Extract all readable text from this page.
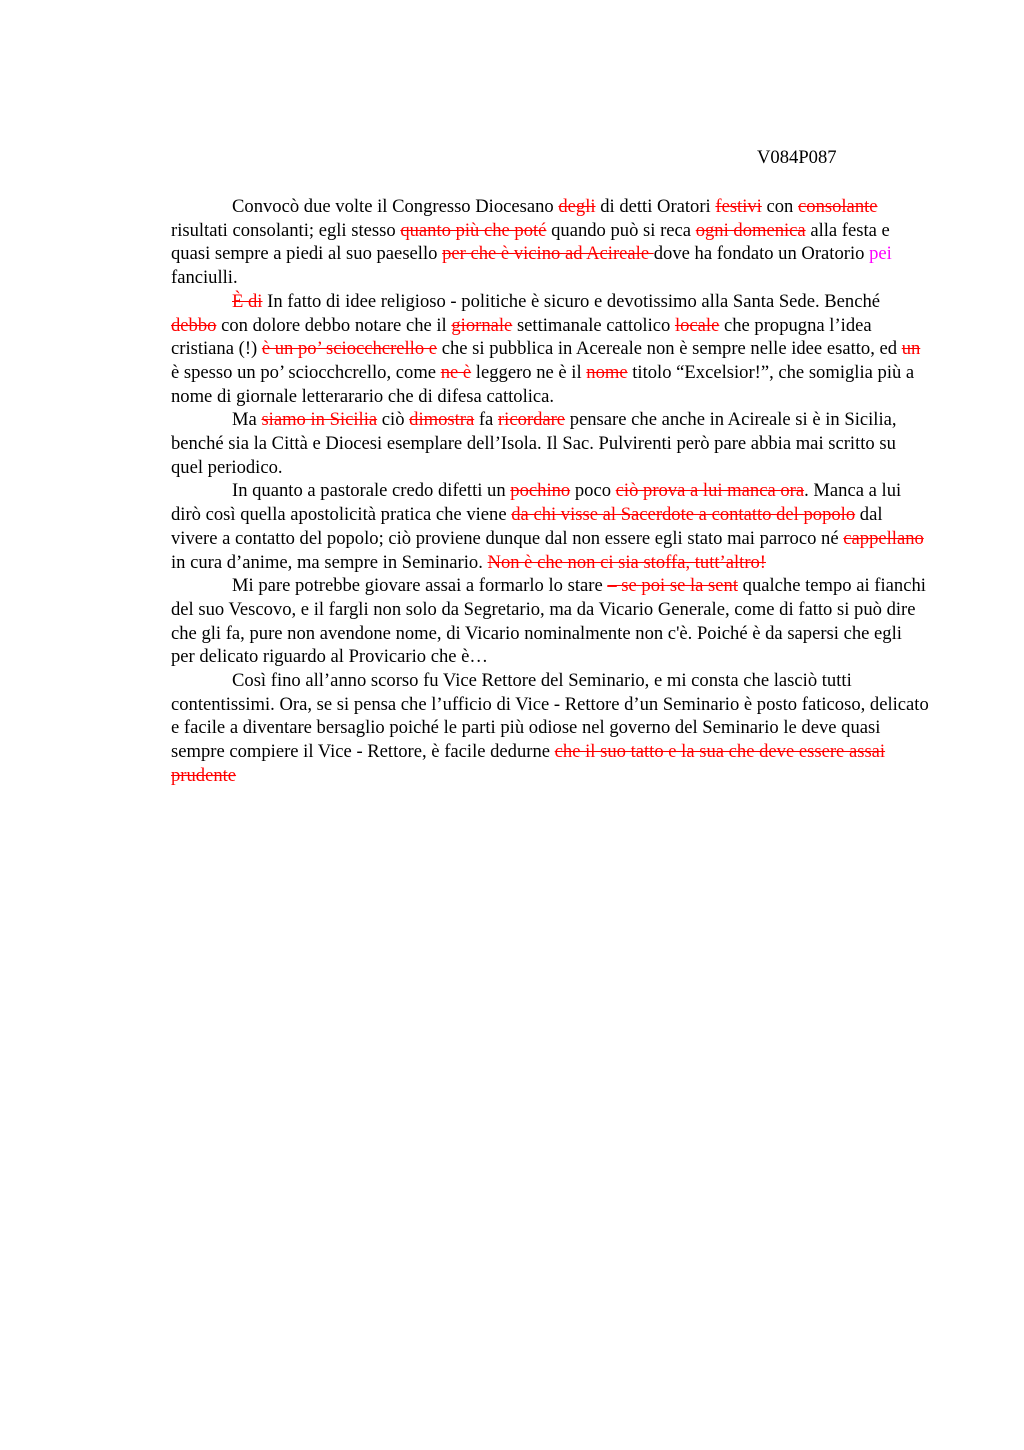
V084P087

Convocò due volte il Congresso Diocesano degli di detti Oratori festivi con consolante risultati consolanti; egli stesso quanto più che poté quando può si reca ogni domenica alla festa e quasi sempre a piedi al suo paesello per che è vicino ad Acireale dove ha fondato un Oratorio pei fanciulli.

È di In fatto di idee religioso - politiche è sicuro e devotissimo alla Santa Sede. Benché debbo con dolore debbo notare che il giornale settimanale cattolico locale che propugna l’idea cristiana (!) è un po’ sciocchcrello e che si pubblica in Acereale non è sempre nelle idee esatto, ed un è spesso un po’ sciocchcrello, come ne è leggero ne è il nome titolo “Excelsior!”, che somiglia più a nome di giornale letterarario che di difesa cattolica.

Ma siamo in Sicilia ciò dimostra fa ricordare pensare che anche in Acireale si è in Sicilia, benché sia la Città e Diocesi esemplare dell’Isola. Il Sac. Pulvirenti però pare abbia mai scritto su quel periodico.

In quanto a pastorale credo difetti un pochino poco ciò prova a lui manca ora. Manca a lui dirò così quella apostolicità pratica che viene da chi visse al Sacerdote a contatto del popolo dal vivere a contatto del popolo; ciò proviene dunque dal non essere egli stato mai parroco né cappellano in cura d’anime, ma sempre in Seminario. Non è che non ci sia stoffa, tutt’altro!

Mi pare potrebbe giovare assai a formarlo lo stare – se poi se la sent qualche tempo ai fianchi del suo Vescovo, e il fargli non solo da Segretario, ma da Vicario Generale, come di fatto si può dire che gli fa, pure non avendone nome, di Vicario nominalmente non c'è. Poiché è da sapersi che egli per delicato riguardo al Provicario che è…

Così fino all’anno scorso fu Vice Rettore del Seminario, e mi consta che lasciò tutti contentissimi. Ora, se si pensa che l’ufficio di Vice - Rettore d’un Seminario è posto faticoso, delicato e facile a diventare bersaglio poiché le parti più odiose nel governo del Seminario le deve quasi sempre compiere il Vice - Rettore, è facile dedurne che il suo tatto e la sua che deve essere assai prudente
